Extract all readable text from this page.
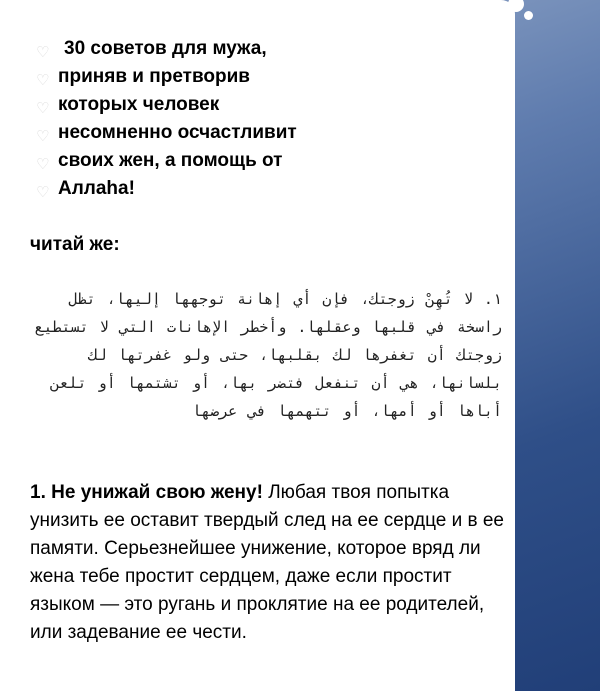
♡
♡
♡
♡
♡
♡
30 советов для мужа,
приняв и претворив
которых человек
несомненно осчастливит
своих жен, а помощь от
Аллаhа!
читай же:
١. لا تُهِنْ زوجتك، فإن أي إهانة توجهها إليها، تظل راسخة في قلبها وعقلها. وأخطر الإهانات التي لا تستطيع زوجتك أن تغفرها لك بقلبها، حتى ولو غفرتها لك بلسانها، هي أن تنفعل فتضر بها، أو تشتمها أو تلعن أباها أو أمها، أو تتهمها في عرضها
1. Не унижай свою жену! Любая твоя попытка унизить ее оставит твердый след на ее сердце и в ее памяти. Серьезнейшее унижение, которое вряд ли жена тебе простит сердцем, даже если простит языком — это ругань и проклятие на ее родителей, или задевание ее чести.
